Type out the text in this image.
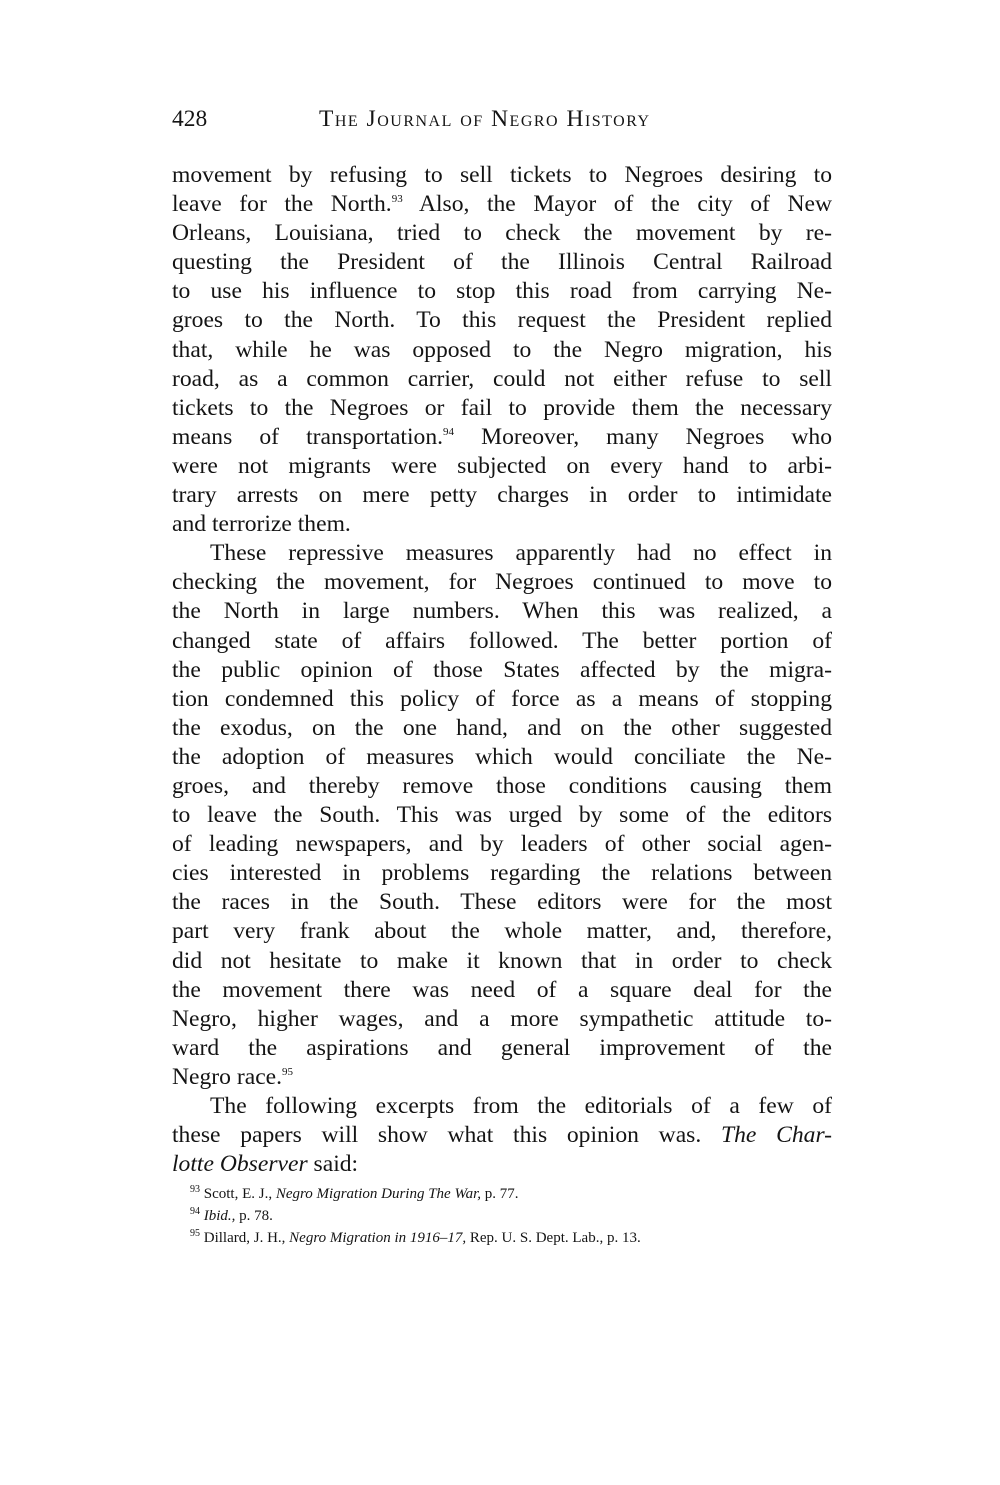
428	The Journal of Negro History
movement by refusing to sell tickets to Negroes desiring to
leave for the North.$^{93}$ Also, the Mayor of the city of New
Orleans, Louisiana, tried to check the movement by re-
questing the President of the Illinois Central Railroad
to use his influence to stop this road from carrying Ne-
groes to the North. To this request the President replied
that, while he was opposed to the Negro migration, his
road, as a common carrier, could not either refuse to sell
tickets to the Negroes or fail to provide them the necessary
means of transportation.$^{94}$ Moreover, many Negroes who
were not migrants were subjected on every hand to arbi-
trary arrests on mere petty charges in order to intimidate
and terrorize them.
These repressive measures apparently had no effect in
checking the movement, for Negroes continued to move to
the North in large numbers. When this was realized, a
changed state of affairs followed. The better portion of
the public opinion of those States affected by the migra-
tion condemned this policy of force as a means of stopping
the exodus, on the one hand, and on the other suggested
the adoption of measures which would conciliate the Ne-
groes, and thereby remove those conditions causing them
to leave the South. This was urged by some of the editors
of leading newspapers, and by leaders of other social agen-
cies interested in problems regarding the relations between
the races in the South. These editors were for the most
part very frank about the whole matter, and, therefore,
did not hesitate to make it known that in order to check
the movement there was need of a square deal for the
Negro, higher wages, and a more sympathetic attitude to-
ward the aspirations and general improvement of the
Negro race.$^{95}$
The following excerpts from the editorials of a few of
these papers will show what this opinion was. The Char-
lotte Observer said:
$^{93}$ Scott, E. J., Negro Migration During The War, p. 77.
$^{94}$ Ibid., p. 78.
$^{95}$ Dillard, J. H., Negro Migration in 1916–17, Rep. U. S. Dept. Lab., p. 13.
